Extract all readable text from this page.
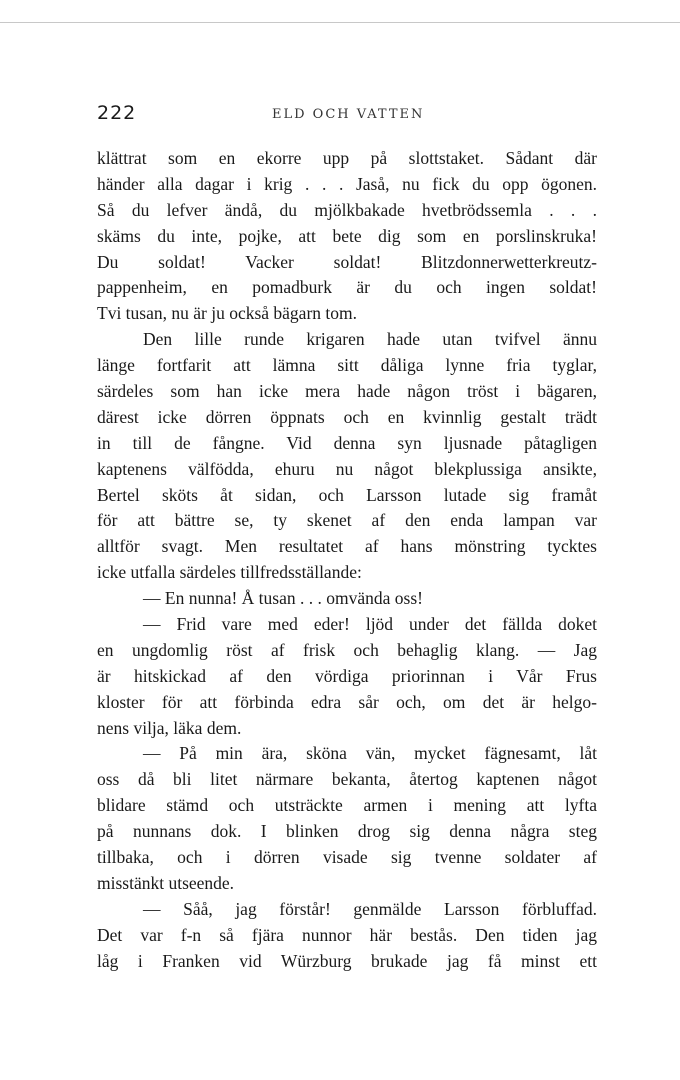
222	ELD OCH VATTEN
klättrat som en ekorre upp på slottstaket. Sådant där
händer alla dagar i krig . . . Jaså, nu fick du opp ögonen.
Så du lefver ändå, du mjölkbakade hvetbrödssemla . . .
skäms du inte, pojke, att bete dig som en porslinskruka!
Du soldat! Vacker soldat! Blitzdonnerwetterkreutz-
pappenheim, en pomadburk är du och ingen soldat!
Tvi tusan, nu är ju också bägarn tom.
Den lille runde krigaren hade utan tvifvel ännu
länge fortfarit att lämna sitt dåliga lynne fria tyglar,
särdeles som han icke mera hade någon tröst i bägaren,
därest icke dörren öppnats och en kvinnlig gestalt trädt
in till de fångne. Vid denna syn ljusnade påtagligen
kaptenens välfödda, ehuru nu något blekplussiga ansikte,
Bertel sköts åt sidan, och Larsson lutade sig framåt
för att bättre se, ty skenet af den enda lampan var
alltför svagt. Men resultatet af hans mönstring tycktes
icke utfalla särdeles tillfredsställande:
— En nunna! Å tusan . . . omvända oss!
— Frid vare med eder! ljöd under det fällda doket
en ungdomlig röst af frisk och behaglig klang. — Jag
är hitskickad af den vördiga priorinnan i Vår Frus
kloster för att förbinda edra sår och, om det är helgo-
nens vilja, läka dem.
— På min ära, sköna vän, mycket fägnesamt, låt
oss då bli litet närmare bekanta, återtog kaptenen något
blidare stämd och utsträckte armen i mening att lyfta
på nunnans dok. I blinken drog sig denna några steg
tillbaka, och i dörren visade sig tvenne soldater af
misstänkt utseende.
— Såå, jag förstår! genmälde Larsson förbluffad.
Det var f-n så fjära nunnor här bestås. Den tiden jag
låg i Franken vid Würzburg brukade jag få minst ett
